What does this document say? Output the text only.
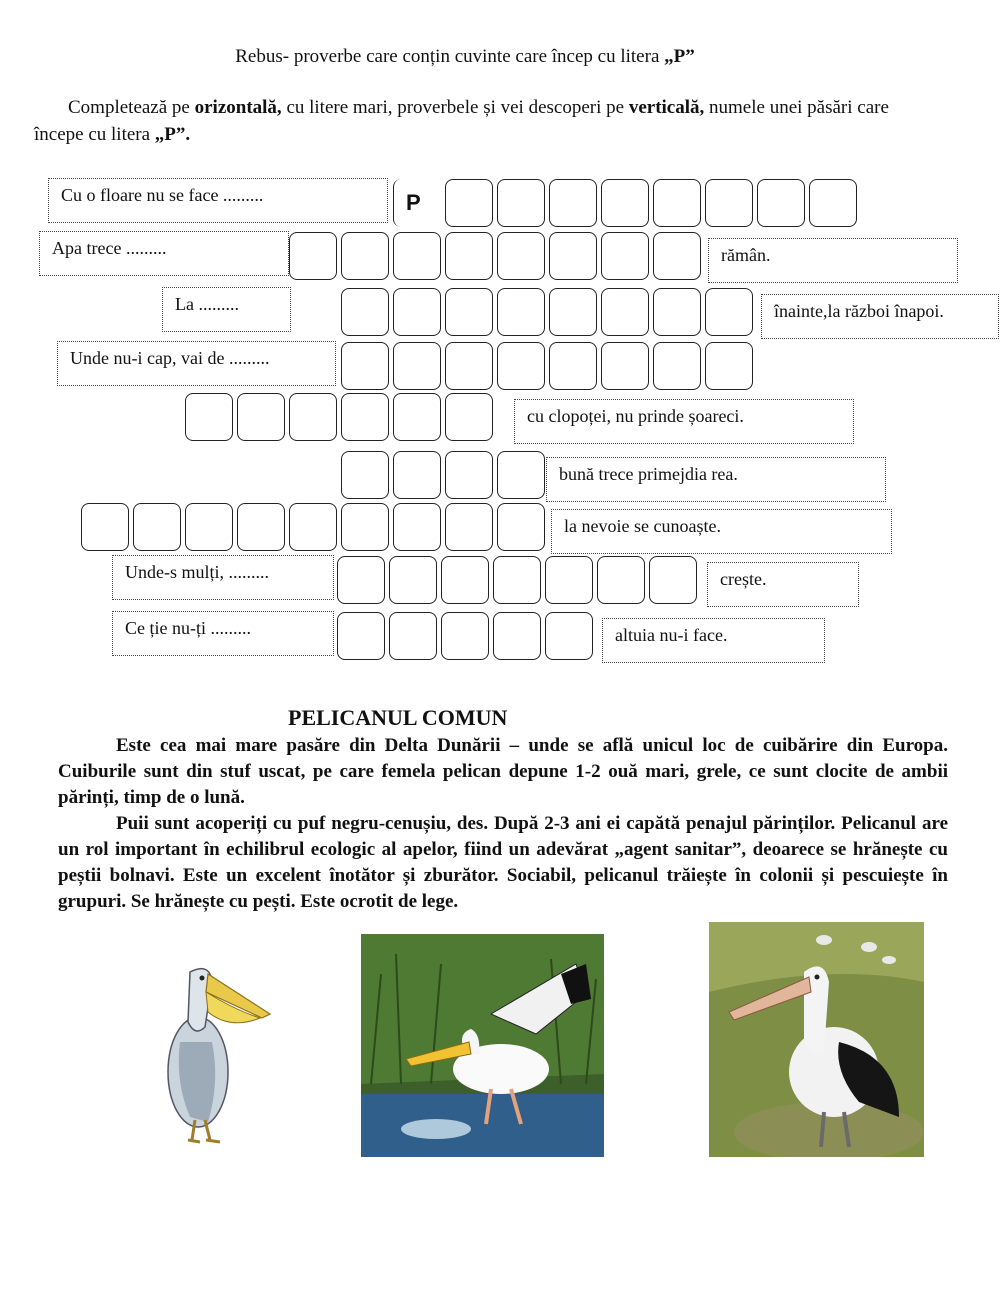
Rebus- proverbe care conțin cuvinte care încep cu litera „P”
Completează pe orizontală, cu litere mari, proverbele și vei descoperi pe verticală, numele unei păsări care începe cu litera „P”.
Cu o floare nu se face .........	P
Apa trece .........	rămân.
La .........	înainte,la război înapoi.
Unde nu-i cap, vai de .........
cu clopoței, nu prinde șoareci.
bună trece primejdia rea.
la nevoie se cunoaște.
Unde-s mulți, .........	crește.
Ce ție nu-ți .........	altuia nu-i face.
PELICANUL COMUN

Este cea mai mare pasăre din Delta Dunării – unde se află unicul loc de cuibărire din Europa. Cuiburile sunt din stuf uscat, pe care femela pelican depune 1-2 ouă mari, grele, ce sunt clocite de ambii părinți, timp de o lună.

Puii sunt acoperiți cu puf negru-cenușiu, des. După 2-3 ani ei capătă penajul părinților. Pelicanul are un rol important în echilibrul ecologic al apelor, fiind un adevărat „agent sanitar”, deoarece se hrănește cu peștii bolnavi. Este un excelent înotător și zburător. Sociabil, pelicanul trăiește în colonii și pescuiește în grupuri. Se hrănește cu pești. Este ocrotit de lege.
